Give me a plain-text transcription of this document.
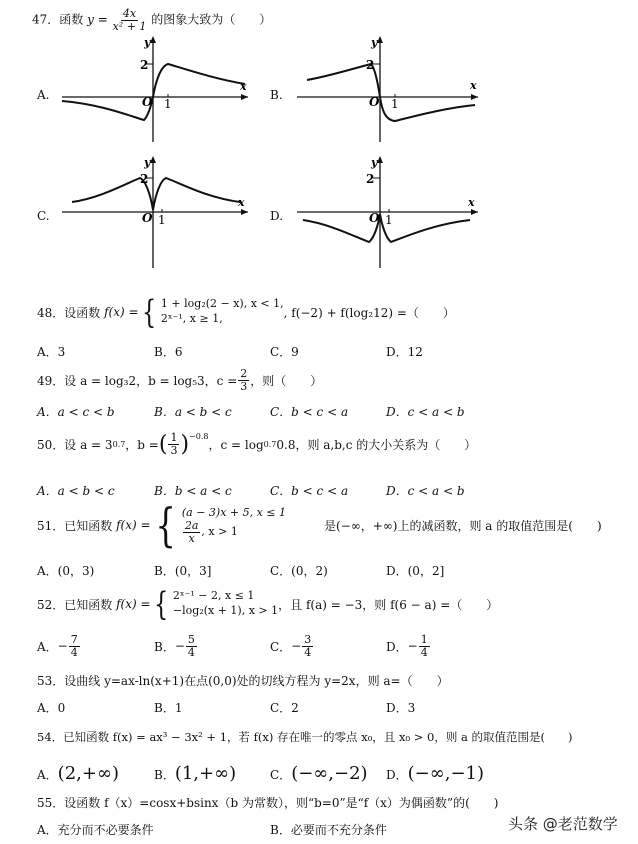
47．函数 $y = \frac{4x}{\text{x² + 1}}$ 的图象大致为（　　）
A.	B.
C.	D.
y
x
2
O 1
y
x
2
O 1
y
x
2
O 1
y
x
2
O 1
48．设函数
f(x) = { 1 + log₂(2 − x), x < 1,
2ˣ⁻¹, x ≥ 1,	, f(−2) + f(log₂12) =（　　）
A．3	B．6	C．9	D．12
49．设 a = log₃2，b = log₅3，$c = \frac{2}{3}$ ，则（　　）
A．a < c < b	B．a < b < c	C．b < c < a	D．c < a < b
50．设 a = 3 0.7 ，b = ( $\frac{1}{3} )^{-0.8}$
，c = log 0.7 0.8，则 a,b,c 的大小关系为（　　）
A．a < b < c	B．b < a < c	C．b < c < a	D．c < a < b
51．已知函数
f(x) = { (a − 3)x + 5, x ≤ 1
$\frac{2a}{x}$ , x > 1	是(−∞，+∞)上的减函数，则 a 的取值范围是(　　)
A．(0，3)	B．(0，3]	C．(0，2)	D．(0，2]
52．已知函数
f(x) = { 2ˣ⁻¹ − 2, x ≤ 1
−log₂(x + 1), x > 1 ，且 f(a) = −3，则 f(6 − a) =（　　）
A． − $\frac{7}{4}$	B． − $\frac{5}{4}$	C． − $\frac{3}{4}$	D． − $\frac{1}{4}$
53．设曲线 y=ax-ln(x+1)在点(0,0)处的切线方程为 y=2x，则 a=（　　）
A．0	B．1	C．2	D．3
54．已知函数 f(x) = ax³ − 3x² + 1，若 f(x) 存在唯一的零点 x₀，且 x₀ > 0，则 a 的取值范围是(　　)
A．(2,+∞)	B．(1,+∞)	C．(−∞,−2) D．(−∞,−1)
55．设函数 f（x）=cosx+bsinx（b 为常数），则“b=0”是“f（x）为偶函数”的(　　)
A．充分而不必要条件	B．必要而不充分条件	头条 @老范数学
